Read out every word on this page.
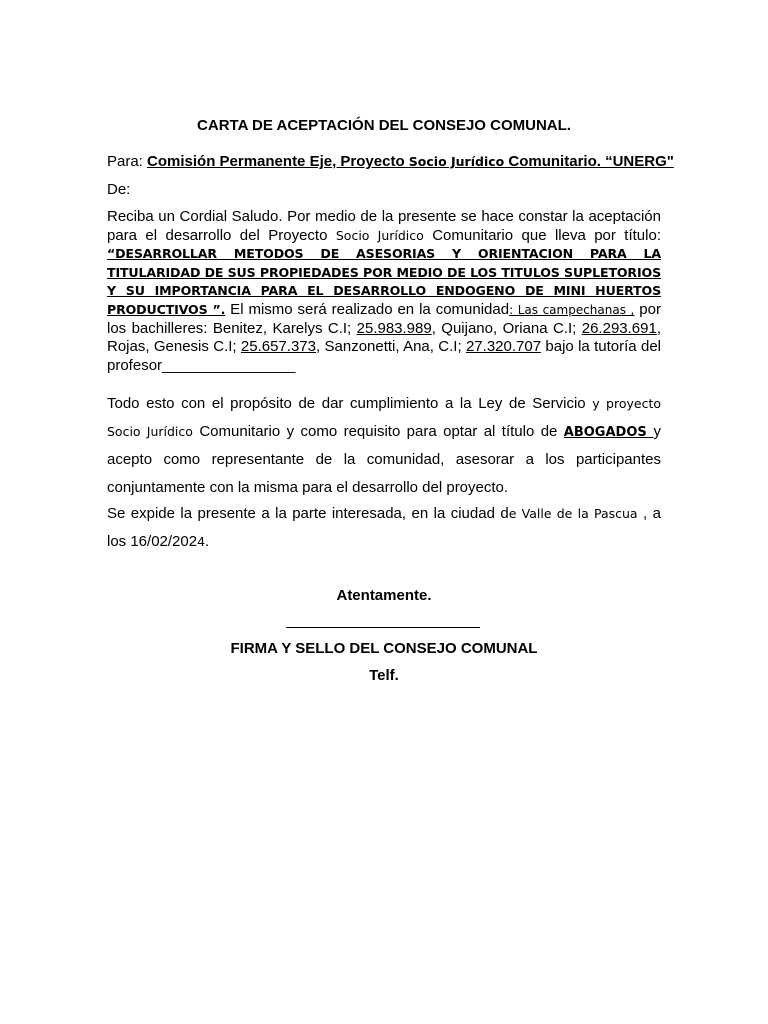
CARTA DE ACEPTACIÓN DEL CONSEJO COMUNAL.
Para: Comisión Permanente Eje, Proyecto Socio Jurídico Comunitario. “UNERG"
De:
Reciba un Cordial Saludo. Por medio de la presente se hace constar la aceptación para el desarrollo del Proyecto Socio Jurídico Comunitario que lleva por título: “DESARROLLAR METODOS DE ASESORIAS Y ORIENTACION PARA LA TITULARIDAD DE SUS PROPIEDADES POR MEDIO DE LOS TITULOS SUPLETORIOS Y SU IMPORTANCIA PARA EL DESARROLLO ENDOGENO DE MINI HUERTOS PRODUCTIVOS ”. El mismo será realizado en la comunidad: Las campechanas , por los bachilleres: Benitez, Karelys C.I; 25.983.989, Quijano, Oriana C.I; 26.293.691, Rojas, Genesis C.I; 25.657.373, Sanzonetti, Ana, C.I; 27.320.707 bajo la tutoría del profesor________________
Todo esto con el propósito de dar cumplimiento a la Ley de Servicio y proyecto Socio Jurídico Comunitario y como requisito para optar al título de ABOGADOS y acepto como representante de la comunidad, asesorar a los participantes conjuntamente con la misma para el desarrollo del proyecto.
Se expide la presente a la parte interesada, en la ciudad de Valle de la Pascua , a los 16/02/2024.
Atentamente.
FIRMA Y SELLO DEL CONSEJO COMUNAL
Telf.
